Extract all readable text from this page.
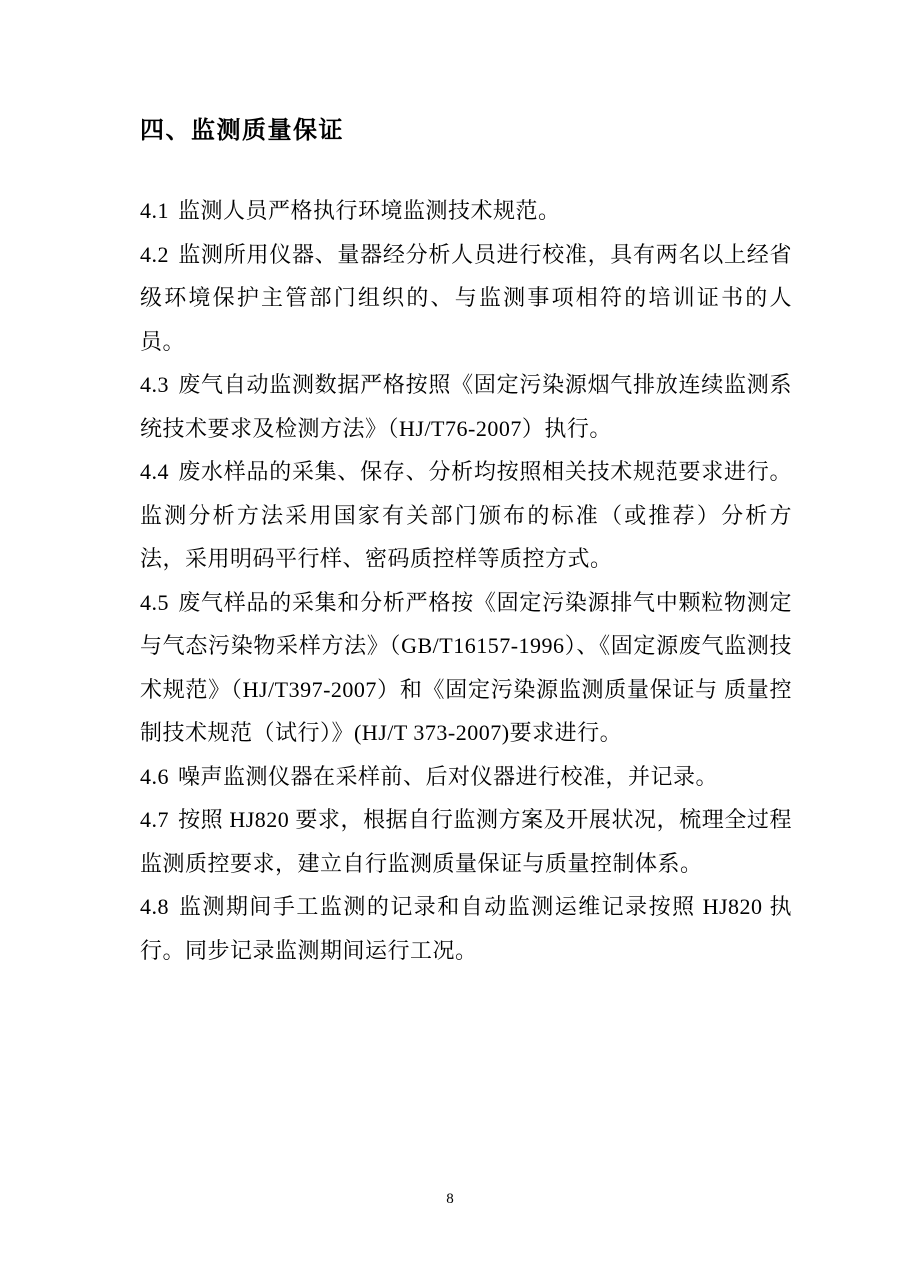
四、监测质量保证

4.1 监测人员严格执行环境监测技术规范。

4.2 监测所用仪器、量器经分析人员进行校准，具有两名以上经省级环境保护主管部门组织的、与监测事项相符的培训证书的人员。

4.3 废气自动监测数据严格按照《固定污染源烟气排放连续监测系统技术要求及检测方法》（HJ/T76-2007）执行。

4.4 废水样品的采集、保存、分析均按照相关技术规范要求进行。监测分析方法采用国家有关部门颁布的标准（或推荐）分析方法，采用明码平行样、密码质控样等质控方式。

4.5 废气样品的采集和分析严格按《固定污染源排气中颗粒物测定与气态污染物采样方法》（GB/T16157-1996）、《固定源废气监测技术规范》（HJ/T397-2007）和《固定污染源监测质量保证与 质量控制技术规范（试行）》(HJ/T 373-2007)要求进行。

4.6 噪声监测仪器在采样前、后对仪器进行校准，并记录。

4.7 按照 HJ820 要求，根据自行监测方案及开展状况，梳理全过程监测质控要求，建立自行监测质量保证与质量控制体系。

4.8 监测期间手工监测的记录和自动监测运维记录按照 HJ820 执行。同步记录监测期间运行工况。

8
